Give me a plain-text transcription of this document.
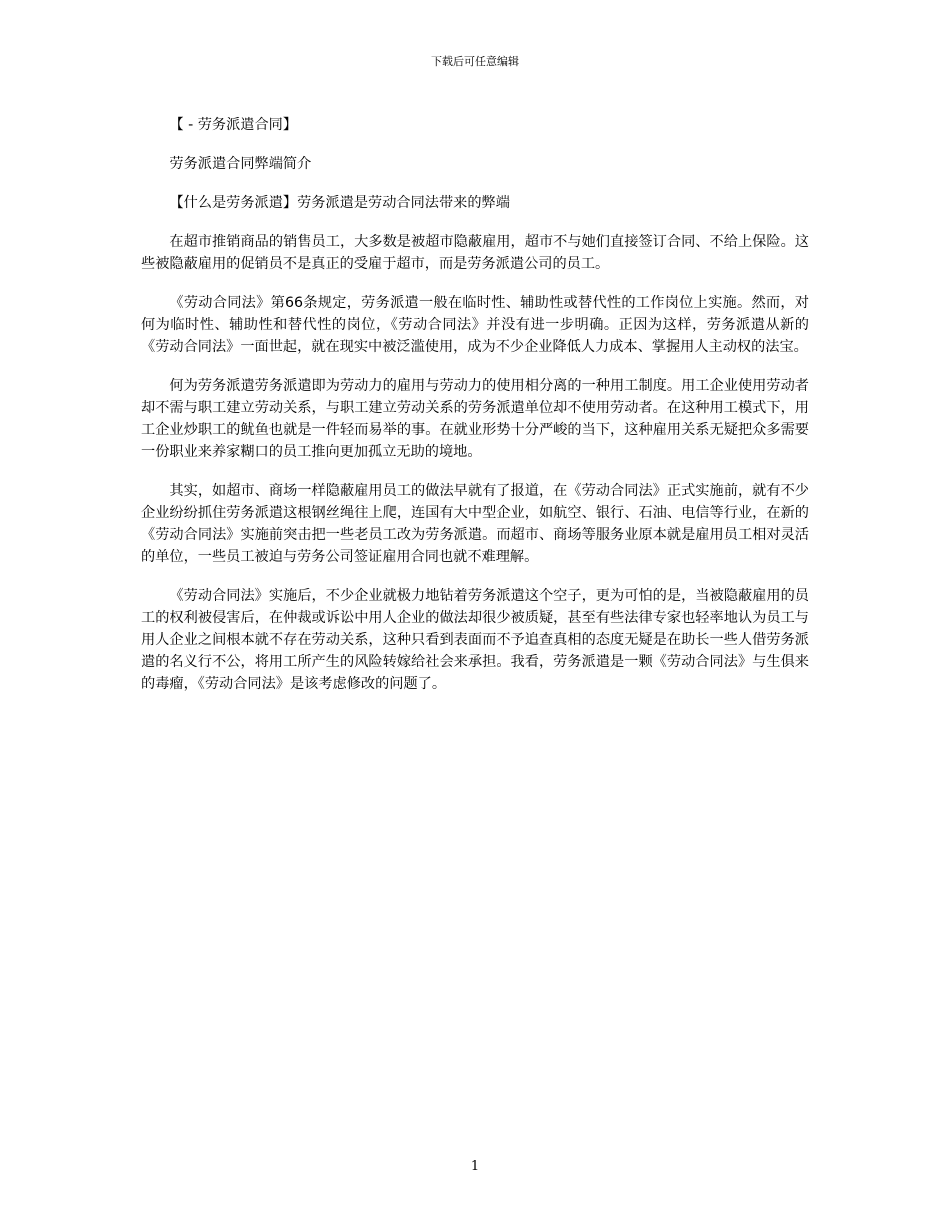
下载后可任意编辑

【 - 劳务派遣合同】

劳务派遣合同弊端简介

【什么是劳务派遣】劳务派遣是劳动合同法带来的弊端

在超市推销商品的销售员工，大多数是被超市隐蔽雇用，超市不与她们直接签订合同、不给上保险。这些被隐蔽雇用的促销员不是真正的受雇于超市，而是劳务派遣公司的员工。

《劳动合同法》第66条规定，劳务派遣一般在临时性、辅助性或替代性的工作岗位上实施。然而，对何为临时性、辅助性和替代性的岗位，《劳动合同法》并没有进一步明确。正因为这样，劳务派遣从新的《劳动合同法》一面世起，就在现实中被泛滥使用，成为不少企业降低人力成本、掌握用人主动权的法宝。

何为劳务派遣劳务派遣即为劳动力的雇用与劳动力的使用相分离的一种用工制度。用工企业使用劳动者却不需与职工建立劳动关系，与职工建立劳动关系的劳务派遣单位却不使用劳动者。在这种用工模式下，用工企业炒职工的鱿鱼也就是一件轻而易举的事。在就业形势十分严峻的当下，这种雇用关系无疑把众多需要一份职业来养家糊口的员工推向更加孤立无助的境地。

其实，如超市、商场一样隐蔽雇用员工的做法早就有了报道，在《劳动合同法》正式实施前，就有不少企业纷纷抓住劳务派遣这根钢丝绳往上爬，连国有大中型企业，如航空、银行、石油、电信等行业，在新的《劳动合同法》实施前突击把一些老员工改为劳务派遣。而超市、商场等服务业原本就是雇用员工相对灵活的单位，一些员工被迫与劳务公司签证雇用合同也就不难理解。

《劳动合同法》实施后，不少企业就极力地钻着劳务派遣这个空子，更为可怕的是，当被隐蔽雇用的员工的权利被侵害后，在仲裁或诉讼中用人企业的做法却很少被质疑，甚至有些法律专家也轻率地认为员工与用人企业之间根本就不存在劳动关系，这种只看到表面而不予追查真相的态度无疑是在助长一些人借劳务派遣的名义行不公，将用工所产生的风险转嫁给社会来承担。我看，劳务派遣是一颗《劳动合同法》与生俱来的毒瘤，《劳动合同法》是该考虑修改的问题了。

1
